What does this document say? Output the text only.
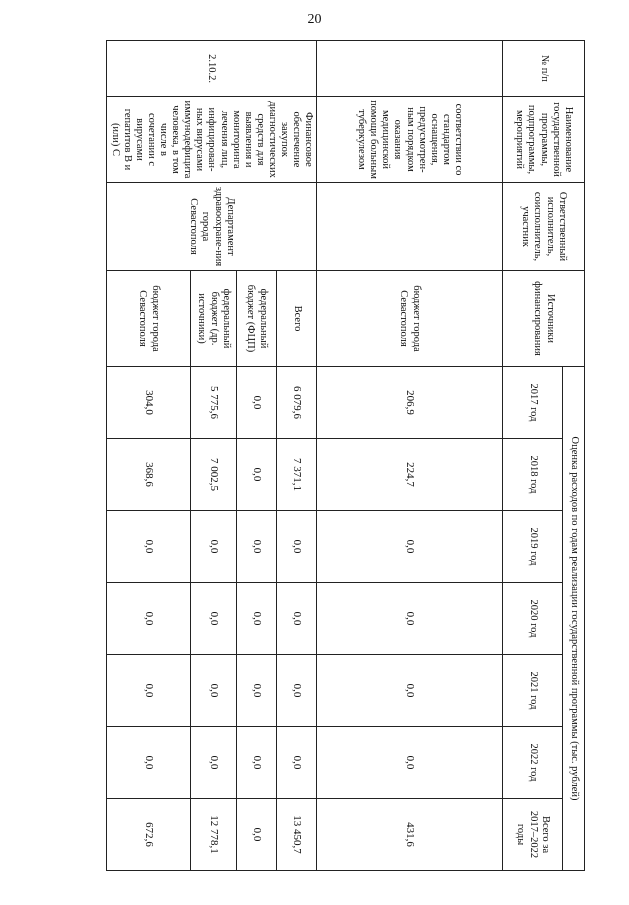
20
№ п/п	Наименование государственной программы, подпрограммы, мероприятий	Ответственный исполнитель, соисполнитель, участник	Источники финансирования	Оценка расходов по годам реализации государственной программы (тыс. рублей)						
				2017 год	2018 год	2019 год	2020 год	2021 год	2022 год	Всего за 2017–2022 годы
	соответствии со стандартом оснащения, предусмотрен-ным порядком оказания медицинской помощи больным туберкулезом		бюджет города Севастополя	206,9	224,7	0,0	0,0	0,0	0,0	431,6
2.10.2.	Финансовое обеспечение закупок диагностических средств для выявления и мониторинга лечения лиц, инфицирован-ных вирусами иммунодефицита человека, в том числе в сочетании с вирусами гепатитов B и (или) C	Департамент здравоохране-ния города Севастополя	Всего	6 079,6	7 371,1	0,0	0,0	0,0	0,0	13 450,7
			федеральный бюджет (ФЦП)	0,0	0,0	0,0	0,0	0,0	0,0	0,0
			федеральный бюджет (др. источники)	5 775,6	7 002,5	0,0	0,0	0,0	0,0	12 778,1
			бюджет города Севастополя	304,0	368,6	0,0	0,0	0,0	0,0	672,6
